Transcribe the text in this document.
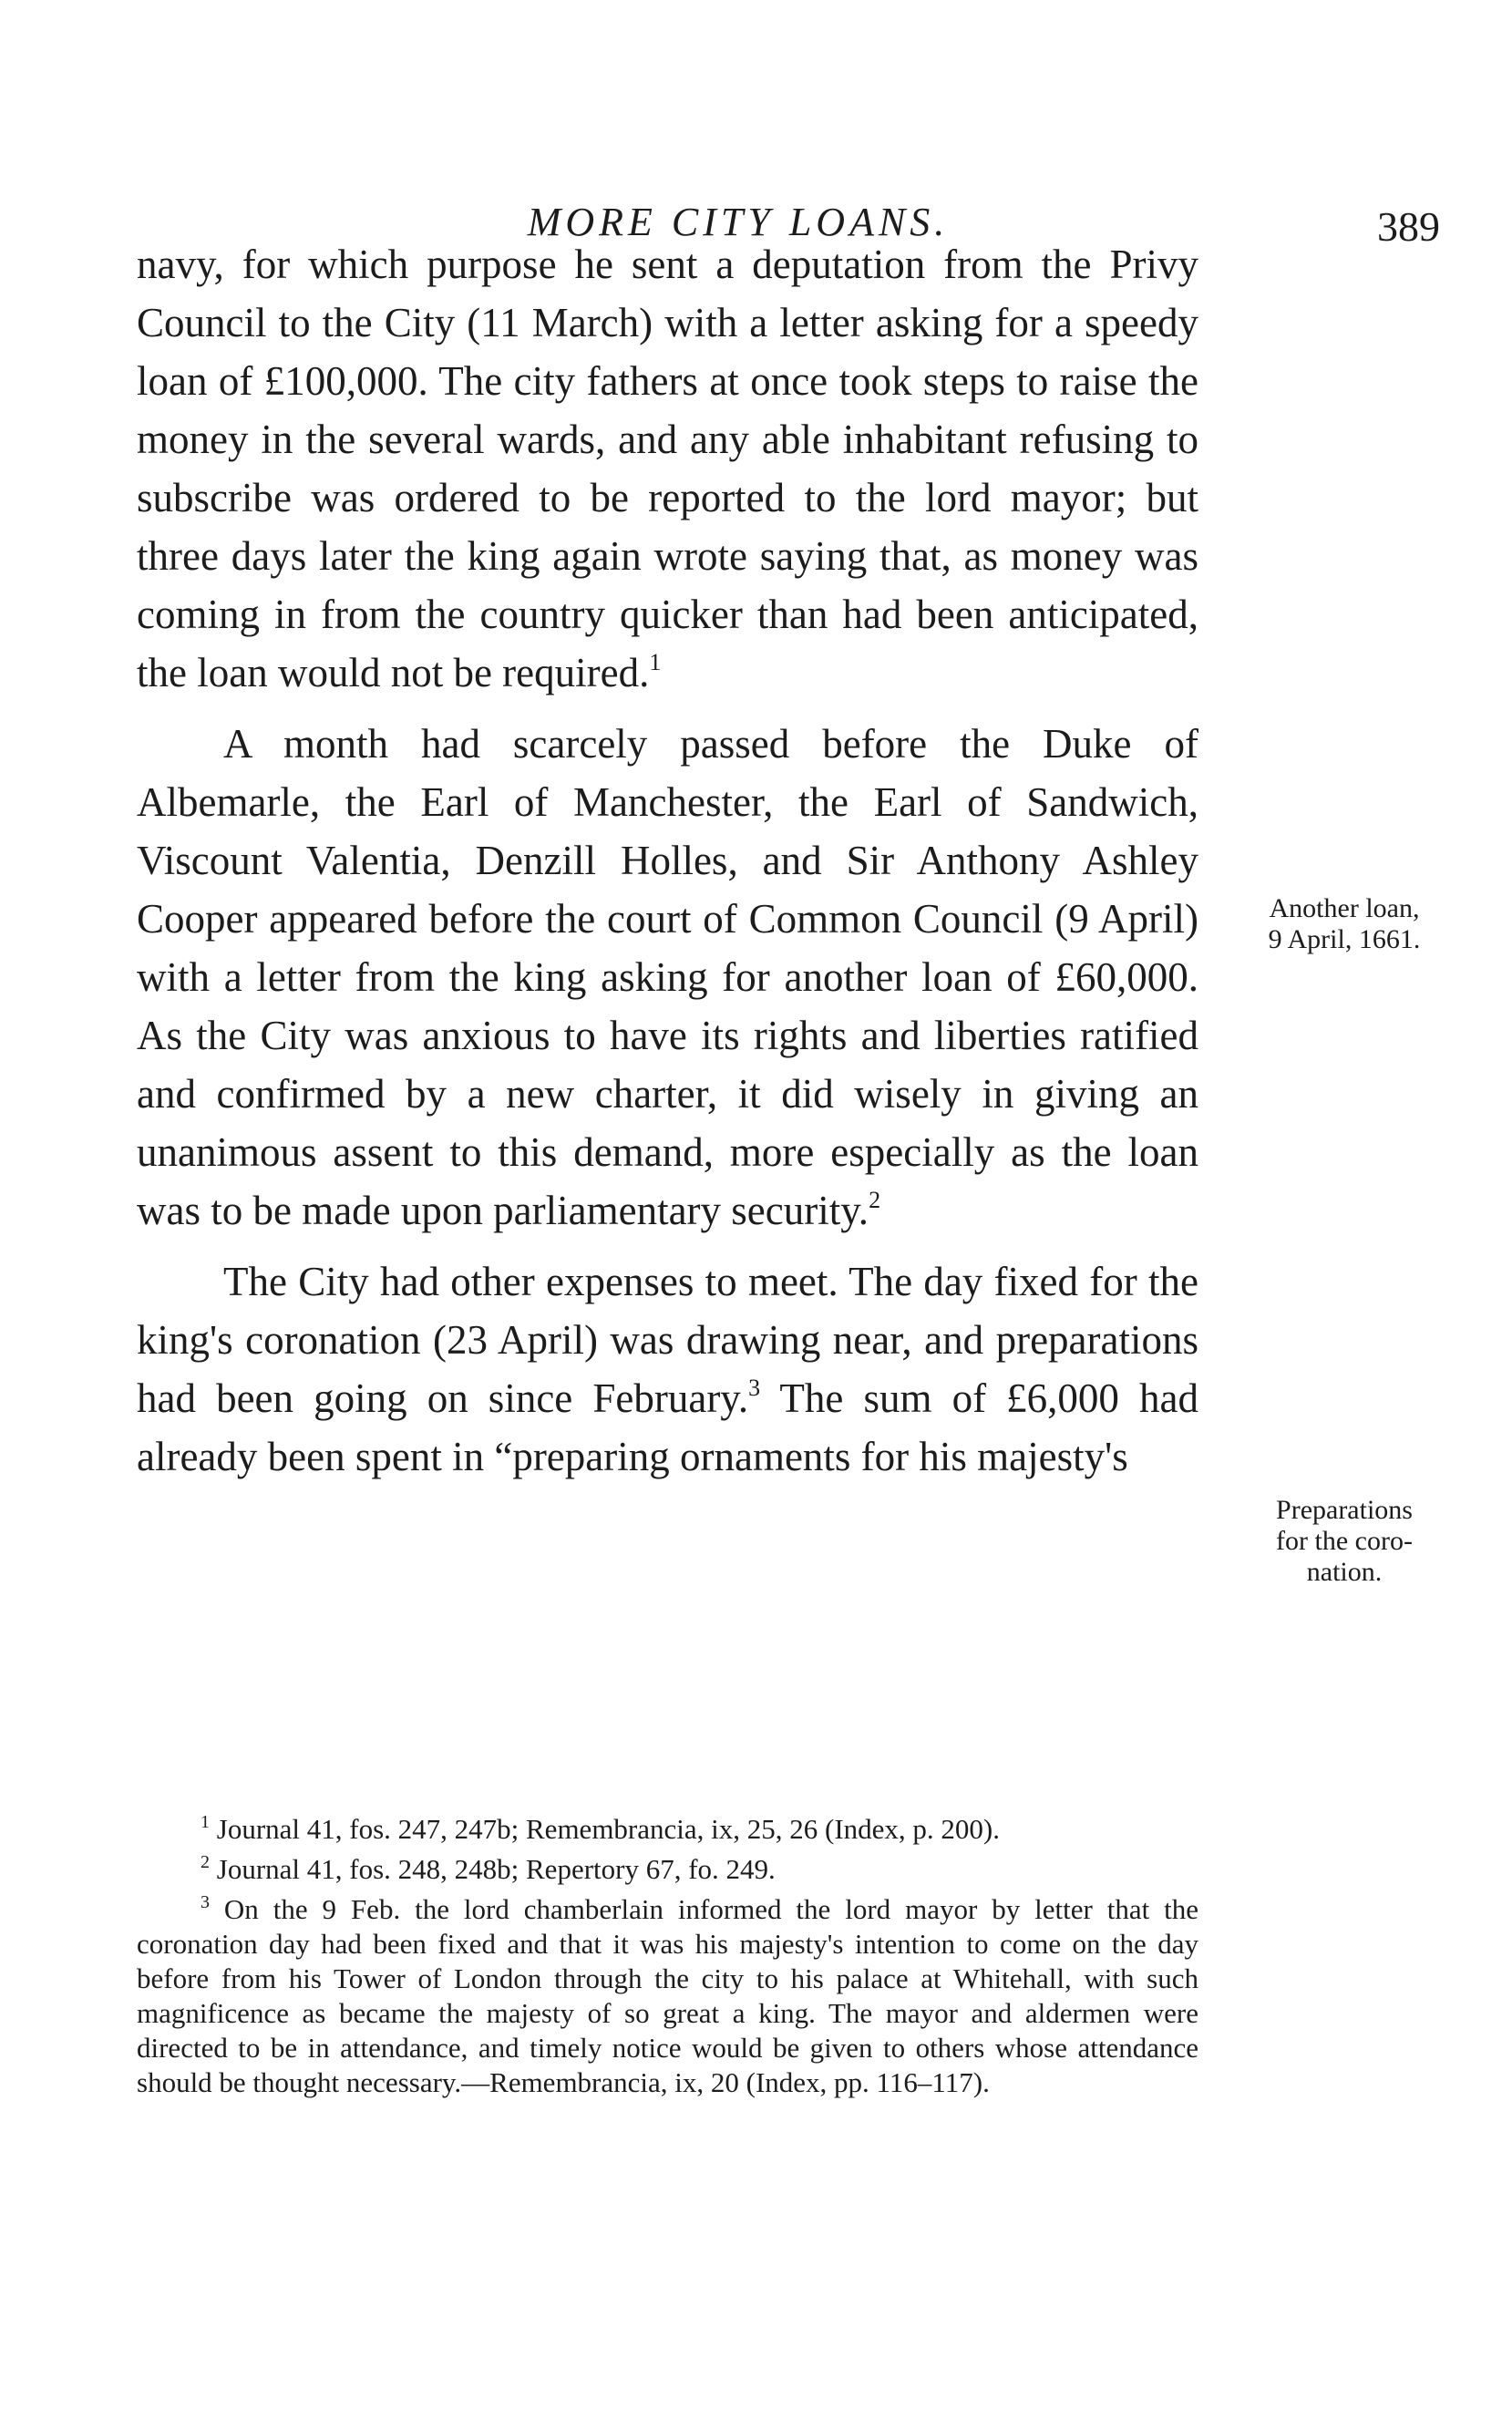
MORE CITY LOANS.	389

navy, for which purpose he sent a deputation from the Privy Council to the City (11 March) with a letter asking for a speedy loan of £100,000. The city fathers at once took steps to raise the money in the several wards, and any able inhabitant refusing to subscribe was ordered to be reported to the lord mayor; but three days later the king again wrote saying that, as money was coming in from the country quicker than had been anticipated, the loan would not be required.$^1$

A month had scarcely passed before the Duke of Albemarle, the Earl of Manchester, the Earl of Sandwich, Viscount Valentia, Denzill Holles, and Sir Anthony Ashley Cooper appeared before the court of Common Council (9 April) with a letter from the king asking for another loan of £60,000. As the City was anxious to have its rights and liberties ratified and confirmed by a new charter, it did wisely in giving an unanimous assent to this demand, more especially as the loan was to be made upon parliamentary security.$^2$

The City had other expenses to meet. The day fixed for the king's coronation (23 April) was drawing near, and preparations had been going on since February.$^3$ The sum of £6,000 had already been spent in “preparing ornaments for his majesty's

Another loan,
9 April, 1661.
Preparations
for the coro-
nation.

$^1$ Journal 41, fos. 247, 247b; Remembrancia, ix, 25, 26 (Index, p. 200).

$^2$ Journal 41, fos. 248, 248b; Repertory 67, fo. 249.

$^3$ On the 9 Feb. the lord chamberlain informed the lord mayor by letter that the coronation day had been fixed and that it was his majesty's intention to come on the day before from his Tower of London through the city to his palace at Whitehall, with such magnificence as became the majesty of so great a king. The mayor and aldermen were directed to be in attendance, and timely notice would be given to others whose attendance should be thought necessary.—Remembrancia, ix, 20 (Index, pp. 116–117).
